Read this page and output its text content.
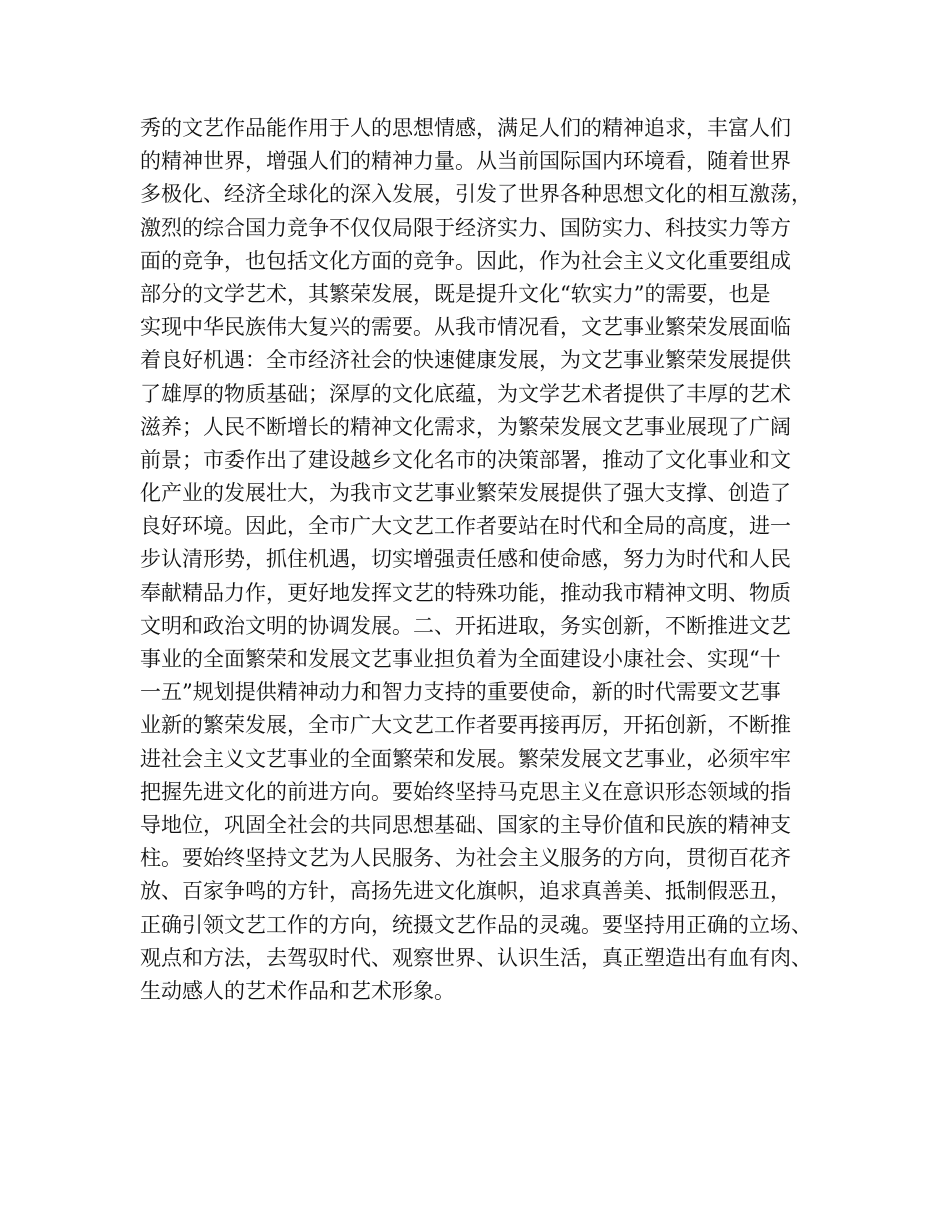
秀的文艺作品能作用于人的思想情感，满足人们的精神追求，丰富人们
的精神世界，增强人们的精神力量。从当前国际国内环境看，随着世界
多极化、经济全球化的深入发展，引发了世界各种思想文化的相互激荡，
激烈的综合国力竞争不仅仅局限于经济实力、国防实力、科技实力等方
面的竞争，也包括文化方面的竞争。因此，作为社会主义文化重要组成
部分的文学艺术，其繁荣发展，既是提升文化“软实力”的需要，也是
实现中华民族伟大复兴的需要。从我市情况看，文艺事业繁荣发展面临
着良好机遇：全市经济社会的快速健康发展，为文艺事业繁荣发展提供
了雄厚的物质基础；深厚的文化底蕴，为文学艺术者提供了丰厚的艺术
滋养；人民不断增长的精神文化需求，为繁荣发展文艺事业展现了广阔
前景；市委作出了建设越乡文化名市的决策部署，推动了文化事业和文
化产业的发展壮大，为我市文艺事业繁荣发展提供了强大支撑、创造了
良好环境。因此，全市广大文艺工作者要站在时代和全局的高度，进一
步认清形势，抓住机遇，切实增强责任感和使命感，努力为时代和人民
奉献精品力作，更好地发挥文艺的特殊功能，推动我市精神文明、物质
文明和政治文明的协调发展。二、开拓进取，务实创新，不断推进文艺
事业的全面繁荣和发展文艺事业担负着为全面建设小康社会、实现“十
一五”规划提供精神动力和智力支持的重要使命，新的时代需要文艺事
业新的繁荣发展，全市广大文艺工作者要再接再厉，开拓创新，不断推
进社会主义文艺事业的全面繁荣和发展。繁荣发展文艺事业，必须牢牢
把握先进文化的前进方向。要始终坚持马克思主义在意识形态领域的指
导地位，巩固全社会的共同思想基础、国家的主导价值和民族的精神支
柱。要始终坚持文艺为人民服务、为社会主义服务的方向，贯彻百花齐
放、百家争鸣的方针，高扬先进文化旗帜，追求真善美、抵制假恶丑，
正确引领文艺工作的方向，统摄文艺作品的灵魂。要坚持用正确的立场、
观点和方法，去驾驭时代、观察世界、认识生活，真正塑造出有血有肉、
生动感人的艺术作品和艺术形象。
